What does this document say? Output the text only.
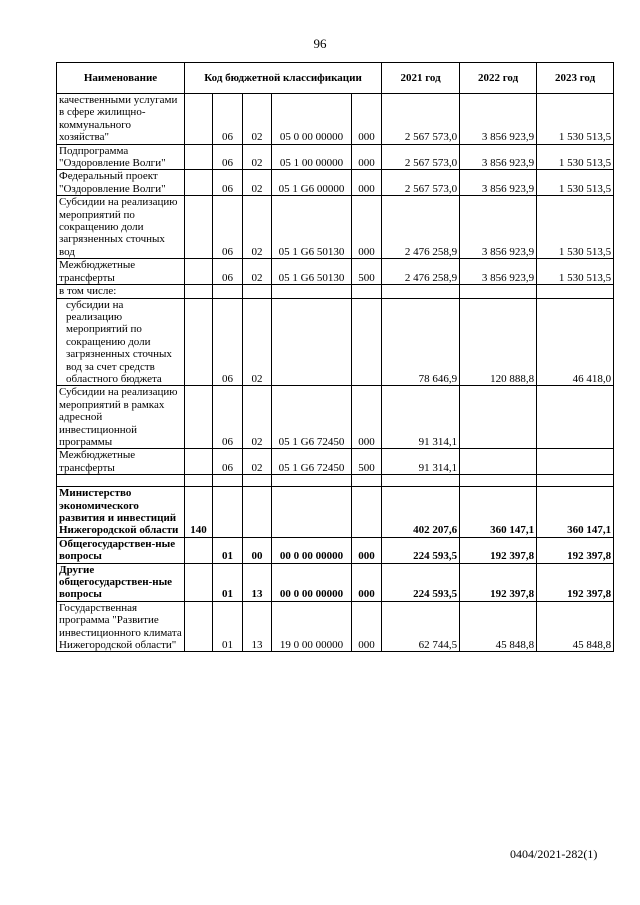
96
Наименование	Код бюджетной классификации					2021 год	2022 год	2023 год
качественными услугами в сфере жилищно-коммунального хозяйства"		06	02	05 0 00 00000	000	2 567 573,0	3 856 923,9	1 530 513,5
Подпрограмма "Оздоровление Волги"		06	02	05 1 00 00000	000	2 567 573,0	3 856 923,9	1 530 513,5
Федеральный проект "Оздоровление Волги"		06	02	05 1 G6 00000	000	2 567 573,0	3 856 923,9	1 530 513,5
Субсидии на реализацию мероприятий по сокращению доли загрязненных сточных вод		06	02	05 1 G6 50130	000	2 476 258,9	3 856 923,9	1 530 513,5
Межбюджетные трансферты		06	02	05 1 G6 50130	500	2 476 258,9	3 856 923,9	1 530 513,5
в том числе:								
субсидии на реализацию мероприятий по сокращению доли загрязненных сточных вод за счет средств областного бюджета		06	02			78 646,9	120 888,8	46 418,0
Субсидии на реализацию мероприятий в рамках адресной инвестиционной программы		06	02	05 1 G6 72450	000	91 314,1		
Межбюджетные трансферты		06	02	05 1 G6 72450	500	91 314,1		

Министерство экономического развития и инвестиций Нижегородской области	140					402 207,6	360 147,1	360 147,1
Общегосударствен-ные вопросы		01	00	00 0 00 00000	000	224 593,5	192 397,8	192 397,8
Другие общегосударствен-ные вопросы		01	13	00 0 00 00000	000	224 593,5	192 397,8	192 397,8
Государственная программа "Развитие инвестиционного климата Нижегородской области"		01	13	19 0 00 00000	000	62 744,5	45 848,8	45 848,8
0404/2021-282(1)
